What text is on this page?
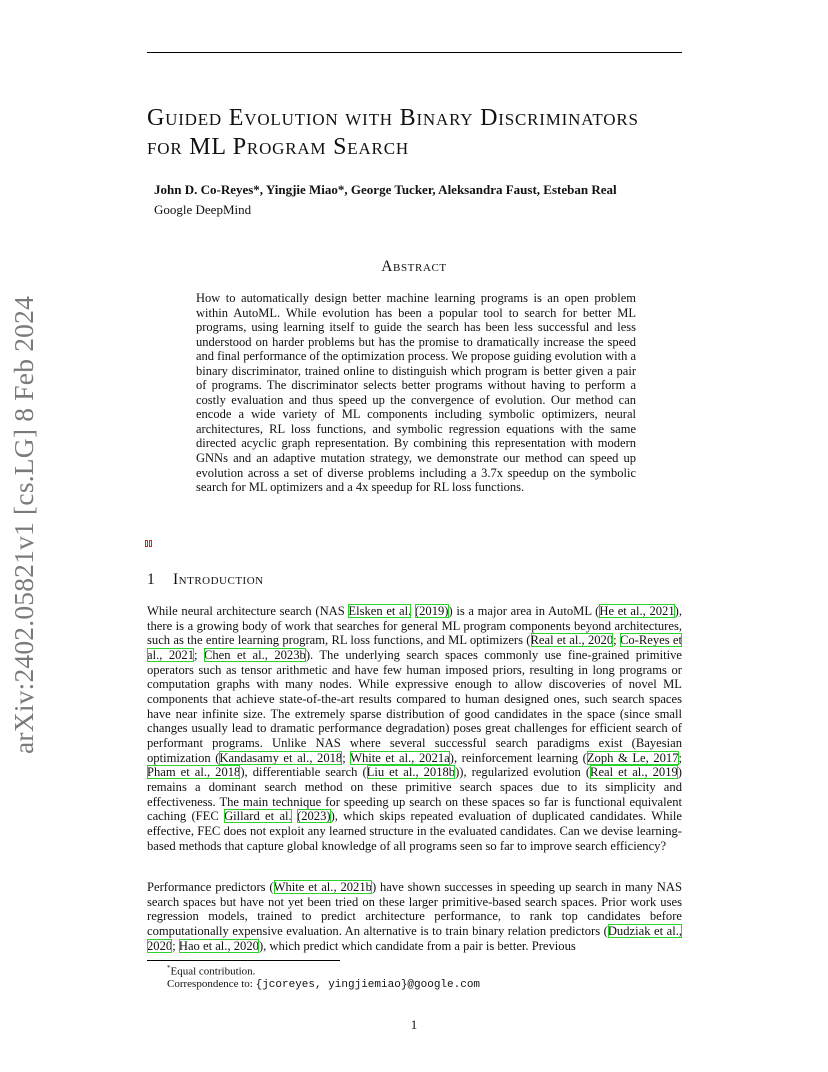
arXiv:2402.05821v1 [cs.LG] 8 Feb 2024
Guided Evolution with Binary Discriminators
for ML Program Search
John D. Co-Reyes*, Yingjie Miao*, George Tucker, Aleksandra Faust, Esteban Real
Google DeepMind
Abstract
How to automatically design better machine learning programs is an open problem within AutoML. While evolution has been a popular tool to search for better ML programs, using learning itself to guide the search has been less successful and less understood on harder problems but has the promise to dramatically increase the speed and final performance of the optimization process. We propose guiding evolution with a binary discriminator, trained online to distinguish which program is better given a pair of programs. The discriminator selects better programs without having to perform a costly evaluation and thus speed up the convergence of evolution. Our method can encode a wide variety of ML components including symbolic optimizers, neural architectures, RL loss functions, and symbolic regression equations with the same directed acyclic graph representation. By combining this representation with modern GNNs and an adaptive mutation strategy, we demonstrate our method can speed up evolution across a set of diverse problems including a 3.7x speedup on the symbolic search for ML optimizers and a 4x speedup for RL loss functions.
1 Introduction

While neural architecture search (NAS Elsken et al. (2019)) is a major area in AutoML (He et al., 2021), there is a growing body of work that searches for general ML program components beyond architectures, such as the entire learning program, RL loss functions, and ML optimizers (Real et al., 2020; Co-Reyes et al., 2021; Chen et al., 2023b). The underlying search spaces commonly use fine-grained primitive operators such as tensor arithmetic and have few human imposed priors, resulting in long programs or computation graphs with many nodes. While expressive enough to allow discoveries of novel ML components that achieve state-of-the-art results compared to human designed ones, such search spaces have near infinite size. The extremely sparse distribution of good candidates in the space (since small changes usually lead to dramatic performance degradation) poses great challenges for efficient search of performant programs. Unlike NAS where several successful search paradigms exist (Bayesian optimization (Kandasamy et al., 2018; White et al., 2021a), reinforcement learning (Zoph & Le, 2017; Pham et al., 2018), differentiable search (Liu et al., 2018b)), regularized evolution (Real et al., 2019) remains a dominant search method on these primitive search spaces due to its simplicity and effectiveness. The main technique for speeding up search on these spaces so far is functional equivalent caching (FEC Gillard et al. (2023)), which skips repeated evaluation of duplicated candidates. While effective, FEC does not exploit any learned structure in the evaluated candidates. Can we devise learning-based methods that capture global knowledge of all programs seen so far to improve search efficiency?

Performance predictors (White et al., 2021b) have shown successes in speeding up search in many NAS search spaces but have not yet been tried on these larger primitive-based search spaces. Prior work uses regression models, trained to predict architecture performance, to rank top candidates before computationally expensive evaluation. An alternative is to train binary relation predictors (Dudziak et al., 2020; Hao et al., 2020), which predict which candidate from a pair is better. Previous

*Equal contribution.
Correspondence to: {jcoreyes, yingjiemiao}@google.com
1
